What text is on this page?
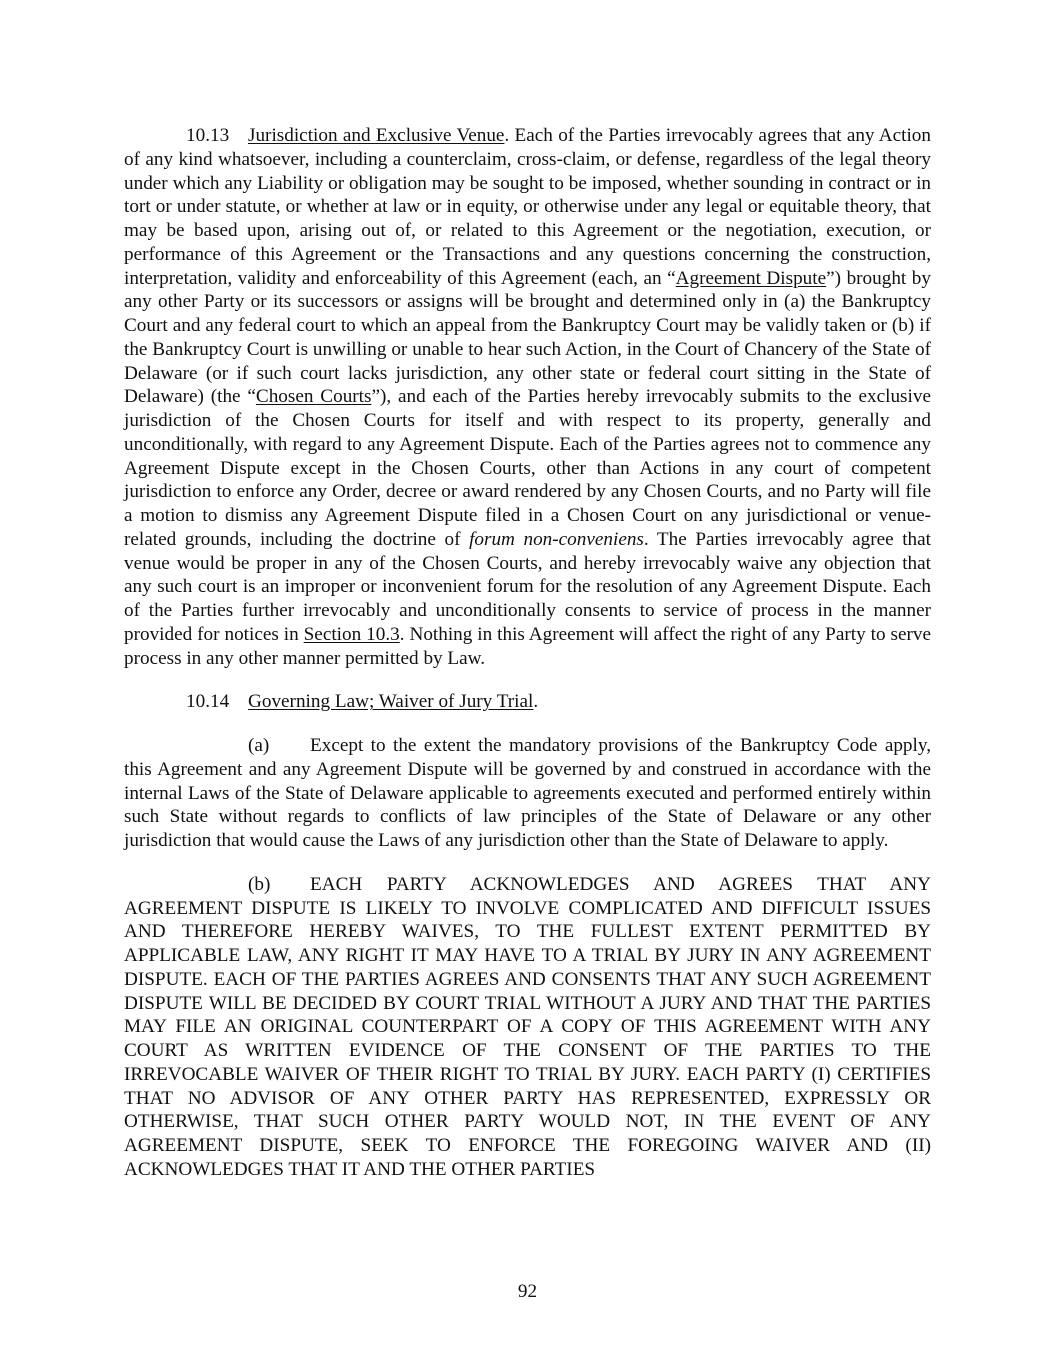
10.13 Jurisdiction and Exclusive Venue. Each of the Parties irrevocably agrees that any Action of any kind whatsoever, including a counterclaim, cross-claim, or defense, regardless of the legal theory under which any Liability or obligation may be sought to be imposed, whether sounding in contract or in tort or under statute, or whether at law or in equity, or otherwise under any legal or equitable theory, that may be based upon, arising out of, or related to this Agreement or the negotiation, execution, or performance of this Agreement or the Transactions and any questions concerning the construction, interpretation, validity and enforceability of this Agreement (each, an “Agreement Dispute”) brought by any other Party or its successors or assigns will be brought and determined only in (a) the Bankruptcy Court and any federal court to which an appeal from the Bankruptcy Court may be validly taken or (b) if the Bankruptcy Court is unwilling or unable to hear such Action, in the Court of Chancery of the State of Delaware (or if such court lacks jurisdiction, any other state or federal court sitting in the State of Delaware) (the “Chosen Courts”), and each of the Parties hereby irrevocably submits to the exclusive jurisdiction of the Chosen Courts for itself and with respect to its property, generally and unconditionally, with regard to any Agreement Dispute. Each of the Parties agrees not to commence any Agreement Dispute except in the Chosen Courts, other than Actions in any court of competent jurisdiction to enforce any Order, decree or award rendered by any Chosen Courts, and no Party will file a motion to dismiss any Agreement Dispute filed in a Chosen Court on any jurisdictional or venue-related grounds, including the doctrine of forum non-conveniens. The Parties irrevocably agree that venue would be proper in any of the Chosen Courts, and hereby irrevocably waive any objection that any such court is an improper or inconvenient forum for the resolution of any Agreement Dispute. Each of the Parties further irrevocably and unconditionally consents to service of process in the manner provided for notices in Section 10.3. Nothing in this Agreement will affect the right of any Party to serve process in any other manner permitted by Law.

10.14 Governing Law; Waiver of Jury Trial.

(a) Except to the extent the mandatory provisions of the Bankruptcy Code apply, this Agreement and any Agreement Dispute will be governed by and construed in accordance with the internal Laws of the State of Delaware applicable to agreements executed and performed entirely within such State without regards to conflicts of law principles of the State of Delaware or any other jurisdiction that would cause the Laws of any jurisdiction other than the State of Delaware to apply.

(b) EACH PARTY ACKNOWLEDGES AND AGREES THAT ANY AGREEMENT DISPUTE IS LIKELY TO INVOLVE COMPLICATED AND DIFFICULT ISSUES AND THEREFORE HEREBY WAIVES, TO THE FULLEST EXTENT PERMITTED BY APPLICABLE LAW, ANY RIGHT IT MAY HAVE TO A TRIAL BY JURY IN ANY AGREEMENT DISPUTE. EACH OF THE PARTIES AGREES AND CONSENTS THAT ANY SUCH AGREEMENT DISPUTE WILL BE DECIDED BY COURT TRIAL WITHOUT A JURY AND THAT THE PARTIES MAY FILE AN ORIGINAL COUNTERPART OF A COPY OF THIS AGREEMENT WITH ANY COURT AS WRITTEN EVIDENCE OF THE CONSENT OF THE PARTIES TO THE IRREVOCABLE WAIVER OF THEIR RIGHT TO TRIAL BY JURY. EACH PARTY (I) CERTIFIES THAT NO ADVISOR OF ANY OTHER PARTY HAS REPRESENTED, EXPRESSLY OR OTHERWISE, THAT SUCH OTHER PARTY WOULD NOT, IN THE EVENT OF ANY AGREEMENT DISPUTE, SEEK TO ENFORCE THE FOREGOING WAIVER AND (II) ACKNOWLEDGES THAT IT AND THE OTHER PARTIES

92
